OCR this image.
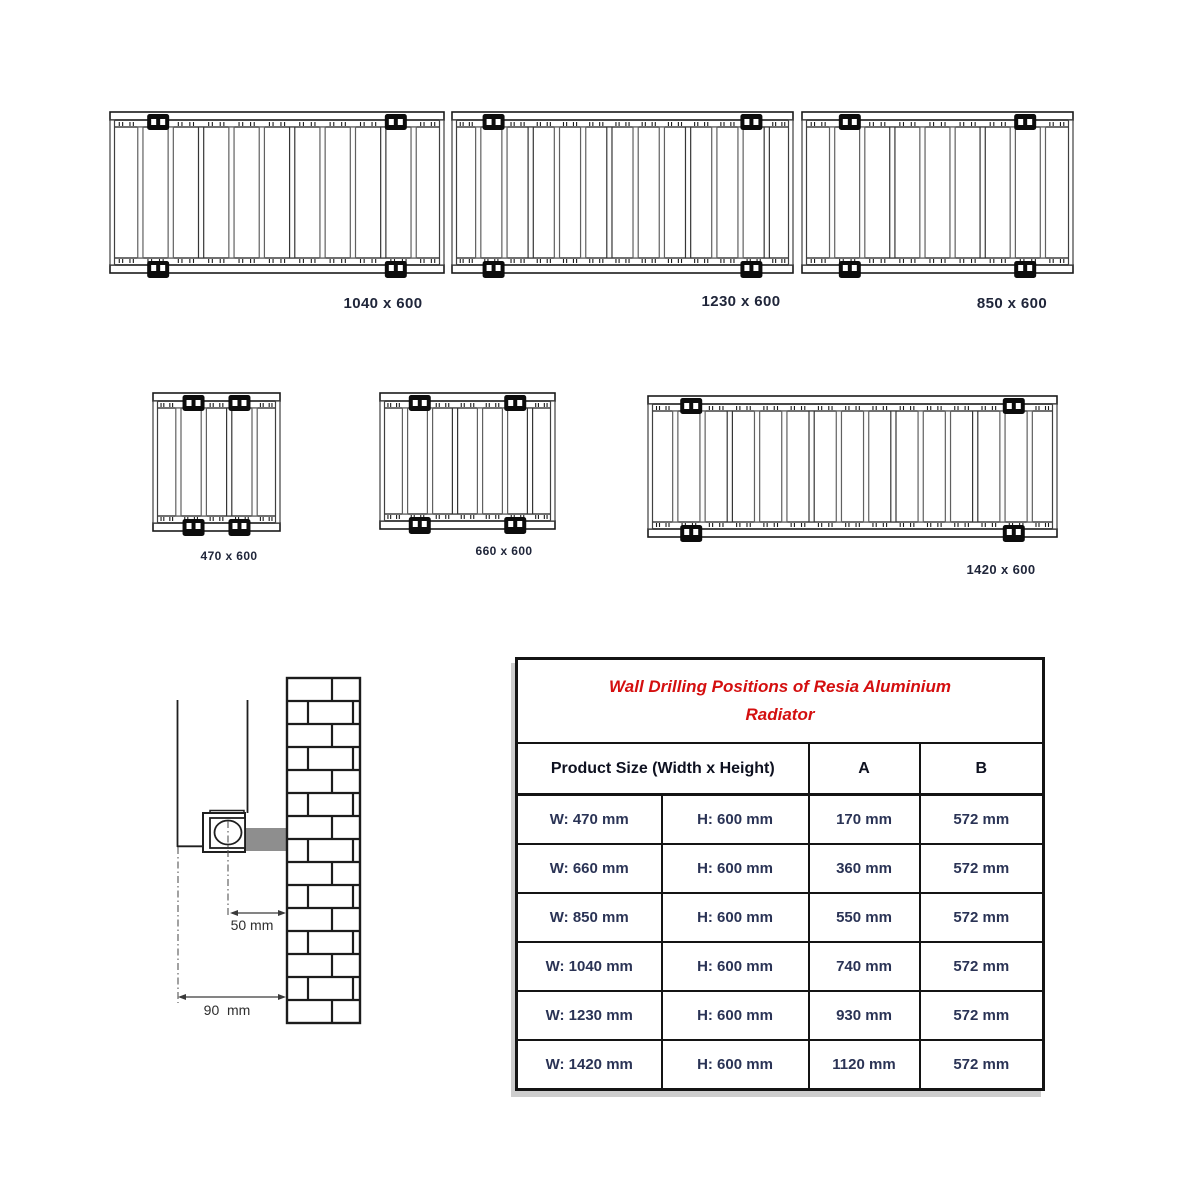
1040 x 600	1230 x 600	850 x 600
470 x 600	660 x 600
1420 x 600
50 mm
90  mm
Wall Drilling Positions of Resia Aluminium
Radiator			

Product Size (Width x Height)		A	B
W: 470 mm	H: 600 mm	170 mm	572 mm
W: 660 mm	H: 600 mm	360 mm	572 mm
W: 850 mm	H: 600 mm	550 mm	572 mm
W: 1040 mm	H: 600 mm	740 mm	572 mm
W: 1230 mm	H: 600 mm	930 mm	572 mm
W: 1420 mm	H: 600 mm	1120 mm	572 mm
